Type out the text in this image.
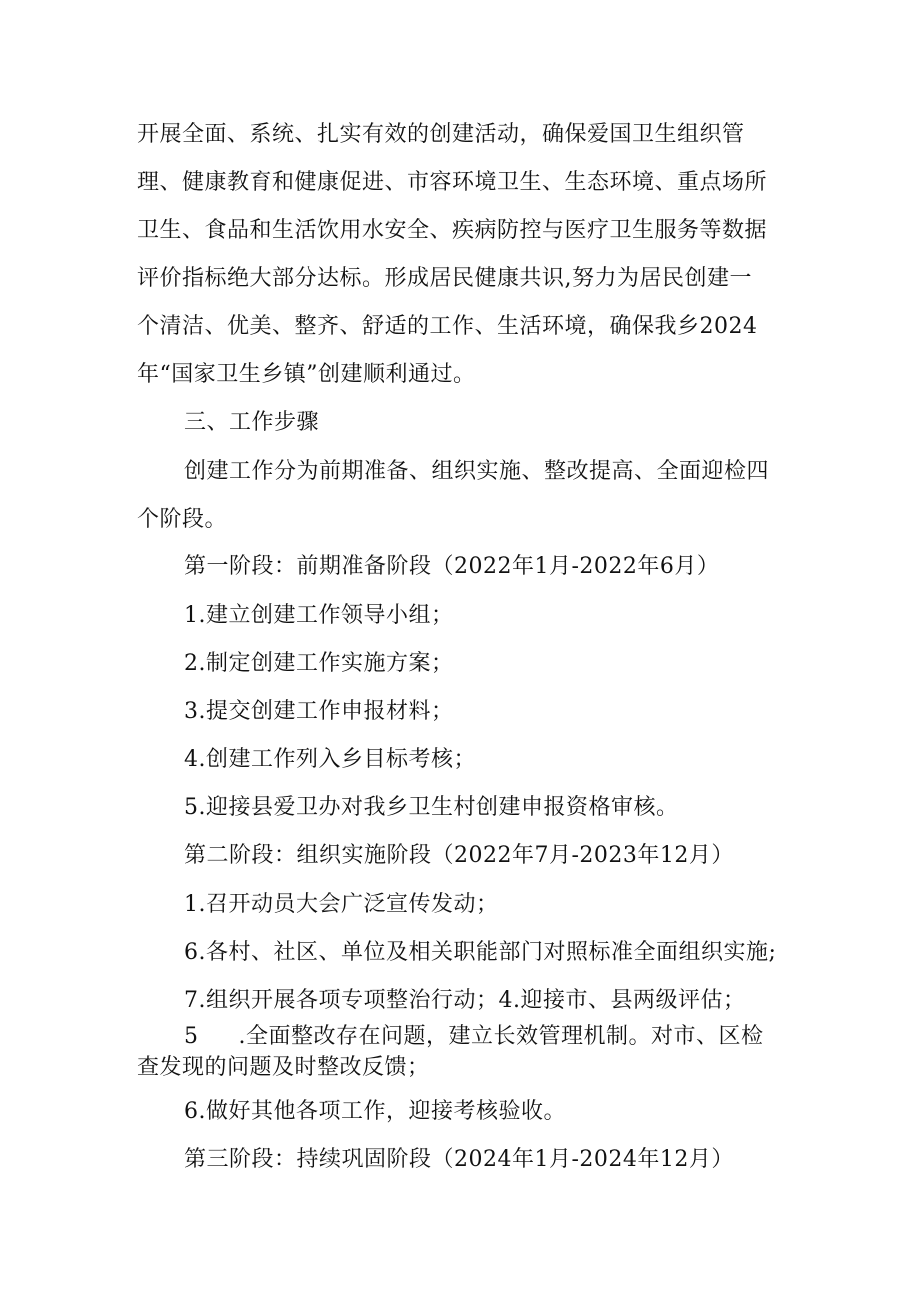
开展全面、系统、扎实有效的创建活动，确保爱国卫生组织管
理、健康教育和健康促进、市容环境卫生、生态环境、重点场所
卫生、食品和生活饮用水安全、疾病防控与医疗卫生服务等数据
评价指标绝大部分达标。形成居民健康共识,努力为居民创建一
个清洁、优美、整齐、舒适的工作、生活环境，确保我乡2024
年“国家卫生乡镇”创建顺利通过。
三、工作步骤
创建工作分为前期准备、组织实施、整改提高、全面迎检四
个阶段。
第一阶段：前期准备阶段（2022年1月-2022年6月）
1.建立创建工作领导小组；
2.制定创建工作实施方案；
3.提交创建工作申报材料；
4.创建工作列入乡目标考核；
5.迎接县爱卫办对我乡卫生村创建申报资格审核。
第二阶段：组织实施阶段（2022年7月-2023年12月）
1.召开动员大会广泛宣传发动；
6.各村、社区、单位及相关职能部门对照标准全面组织实施;
7.组织开展各项专项整治行动；4.迎接市、县两级评估；
5 .全面整改存在问题，建立长效管理机制。对市、区检
查发现的问题及时整改反馈；
6.做好其他各项工作，迎接考核验收。
第三阶段：持续巩固阶段（2024年1月-2024年12月）
